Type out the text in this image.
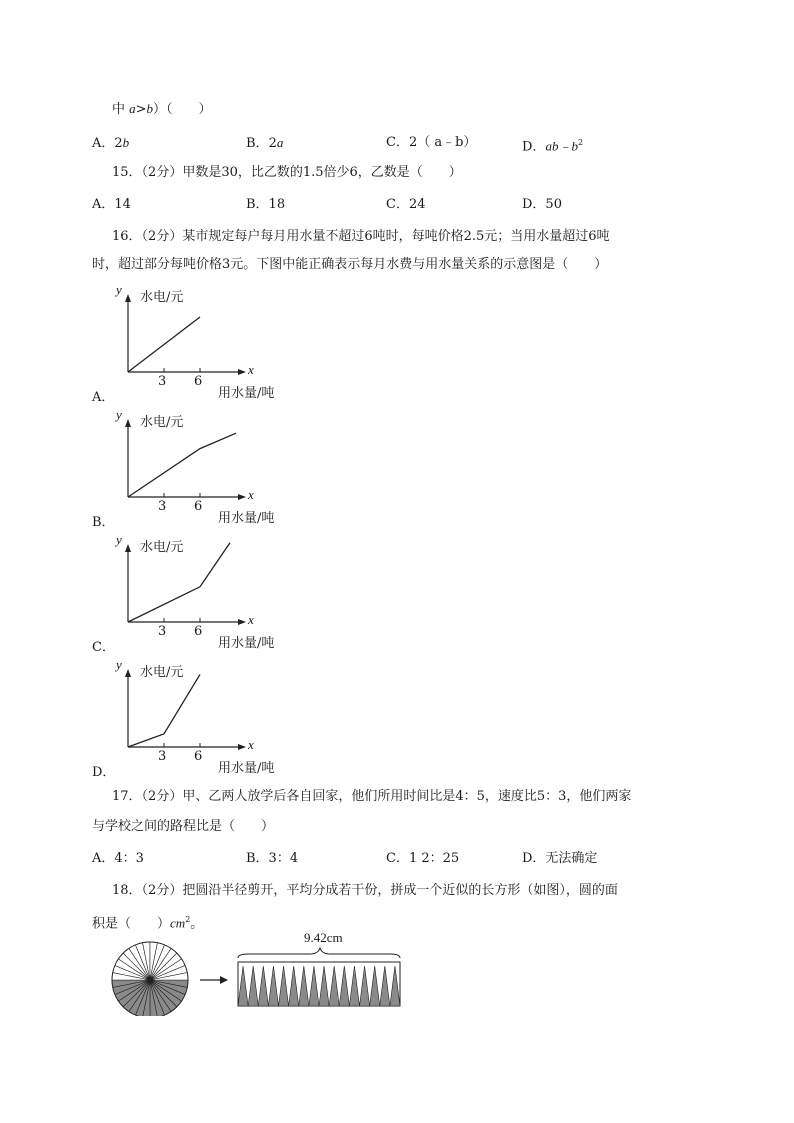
中 a>b）（　　）
A．2b	B．2a	C．2（ a﹣b）	D．$ab﹣b^2$
15．（2分）甲数是30，比乙数的1.5倍少6，乙数是（　　）
A．14	B．18	C．24	D．50
16．（2分）某市规定每户每月用水量不超过6吨时，每吨价格2.5元；当用水量超过6吨
时，超过部分每吨价格3元。下图中能正确表示每月水费与用水量关系的示意图是（　　）
y
水电/元
x
3 6
用水量/吨
A．
y
水电/元
x
3 6
用水量/吨
B．
y
水电/元
x
3 6
用水量/吨
C．
y
水电/元
x
3 6
用水量/吨
D．
17．（2分）甲、乙两人放学后各自回家，他们所用时间比是4：5，速度比5：3，他们两家
与学校之间的路程比是（　　）
A．4：3	B．3：4	C．1 2：25	D．无法确定
18．（2分）把圆沿半径剪开，平均分成若干份，拼成一个近似的长方形（如图），圆的面
积是（　　）$cm^2$。
9.42cm
